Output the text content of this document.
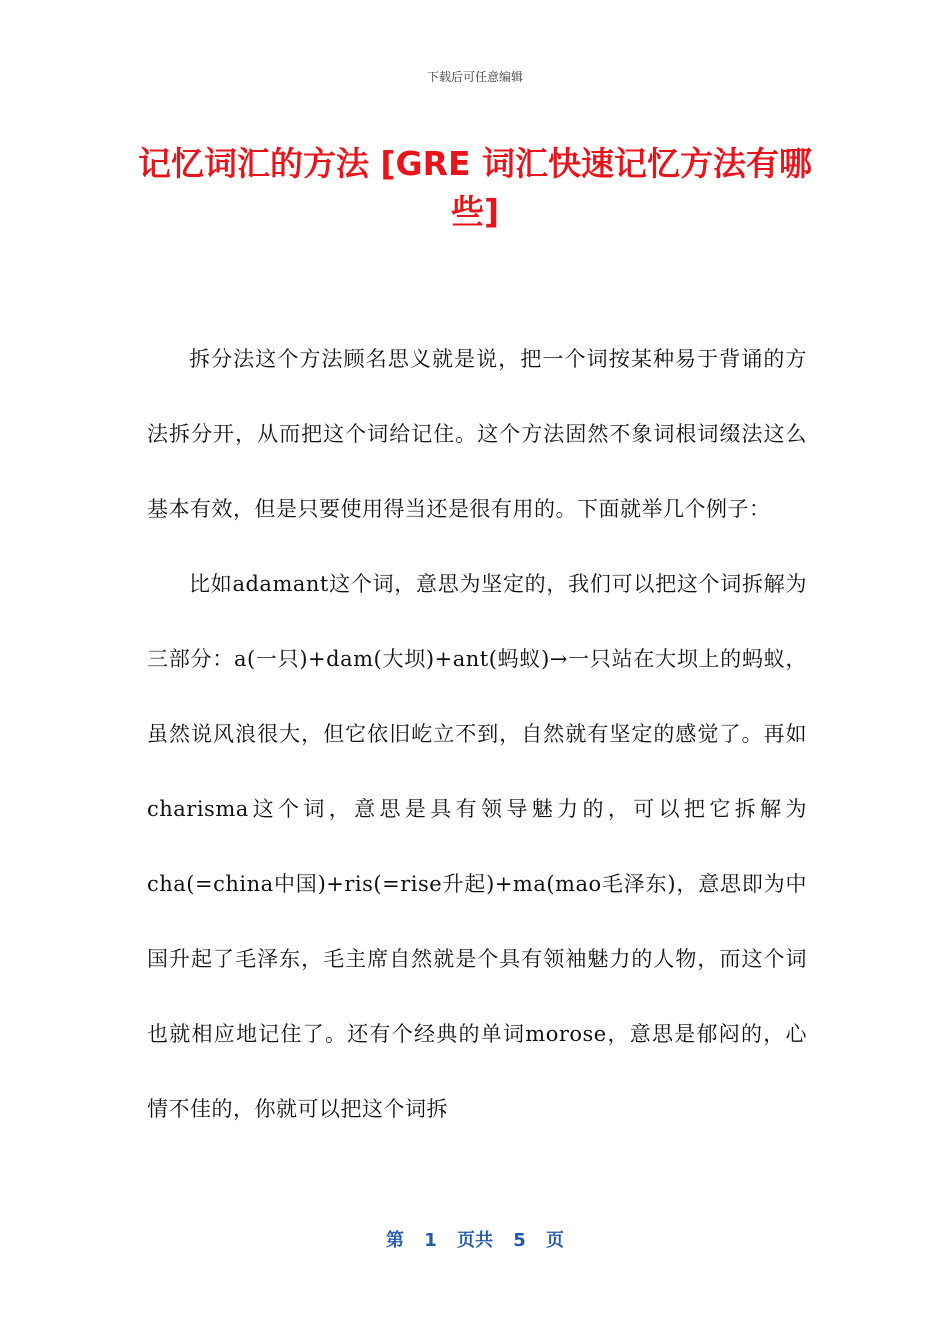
下载后可任意编辑
记忆词汇的方法 [GRE 词汇快速记忆方法有哪些]

拆分法这个方法顾名思义就是说，把一个词按某种易于背诵的方法拆分开，从而把这个词给记住。这个方法固然不象词根词缀法这么基本有效，但是只要使用得当还是很有用的。下面就举几个例子：

比如adamant这个词，意思为坚定的，我们可以把这个词拆解为三部分：a(一只)+dam(大坝)+ant(蚂蚁)→一只站在大坝上的蚂蚁，虽然说风浪很大，但它依旧屹立不到，自然就有坚定的感觉了。再如charisma这个词，意思是具有领导魅力的，可以把它拆解为cha(=china中国)+ris(=rise升起)+ma(mao毛泽东)，意思即为中国升起了毛泽东，毛主席自然就是个具有领袖魅力的人物，而这个词也就相应地记住了。还有个经典的单词morose，意思是郁闷的，心情不佳的，你就可以把这个词拆

第 1 页共 5 页
